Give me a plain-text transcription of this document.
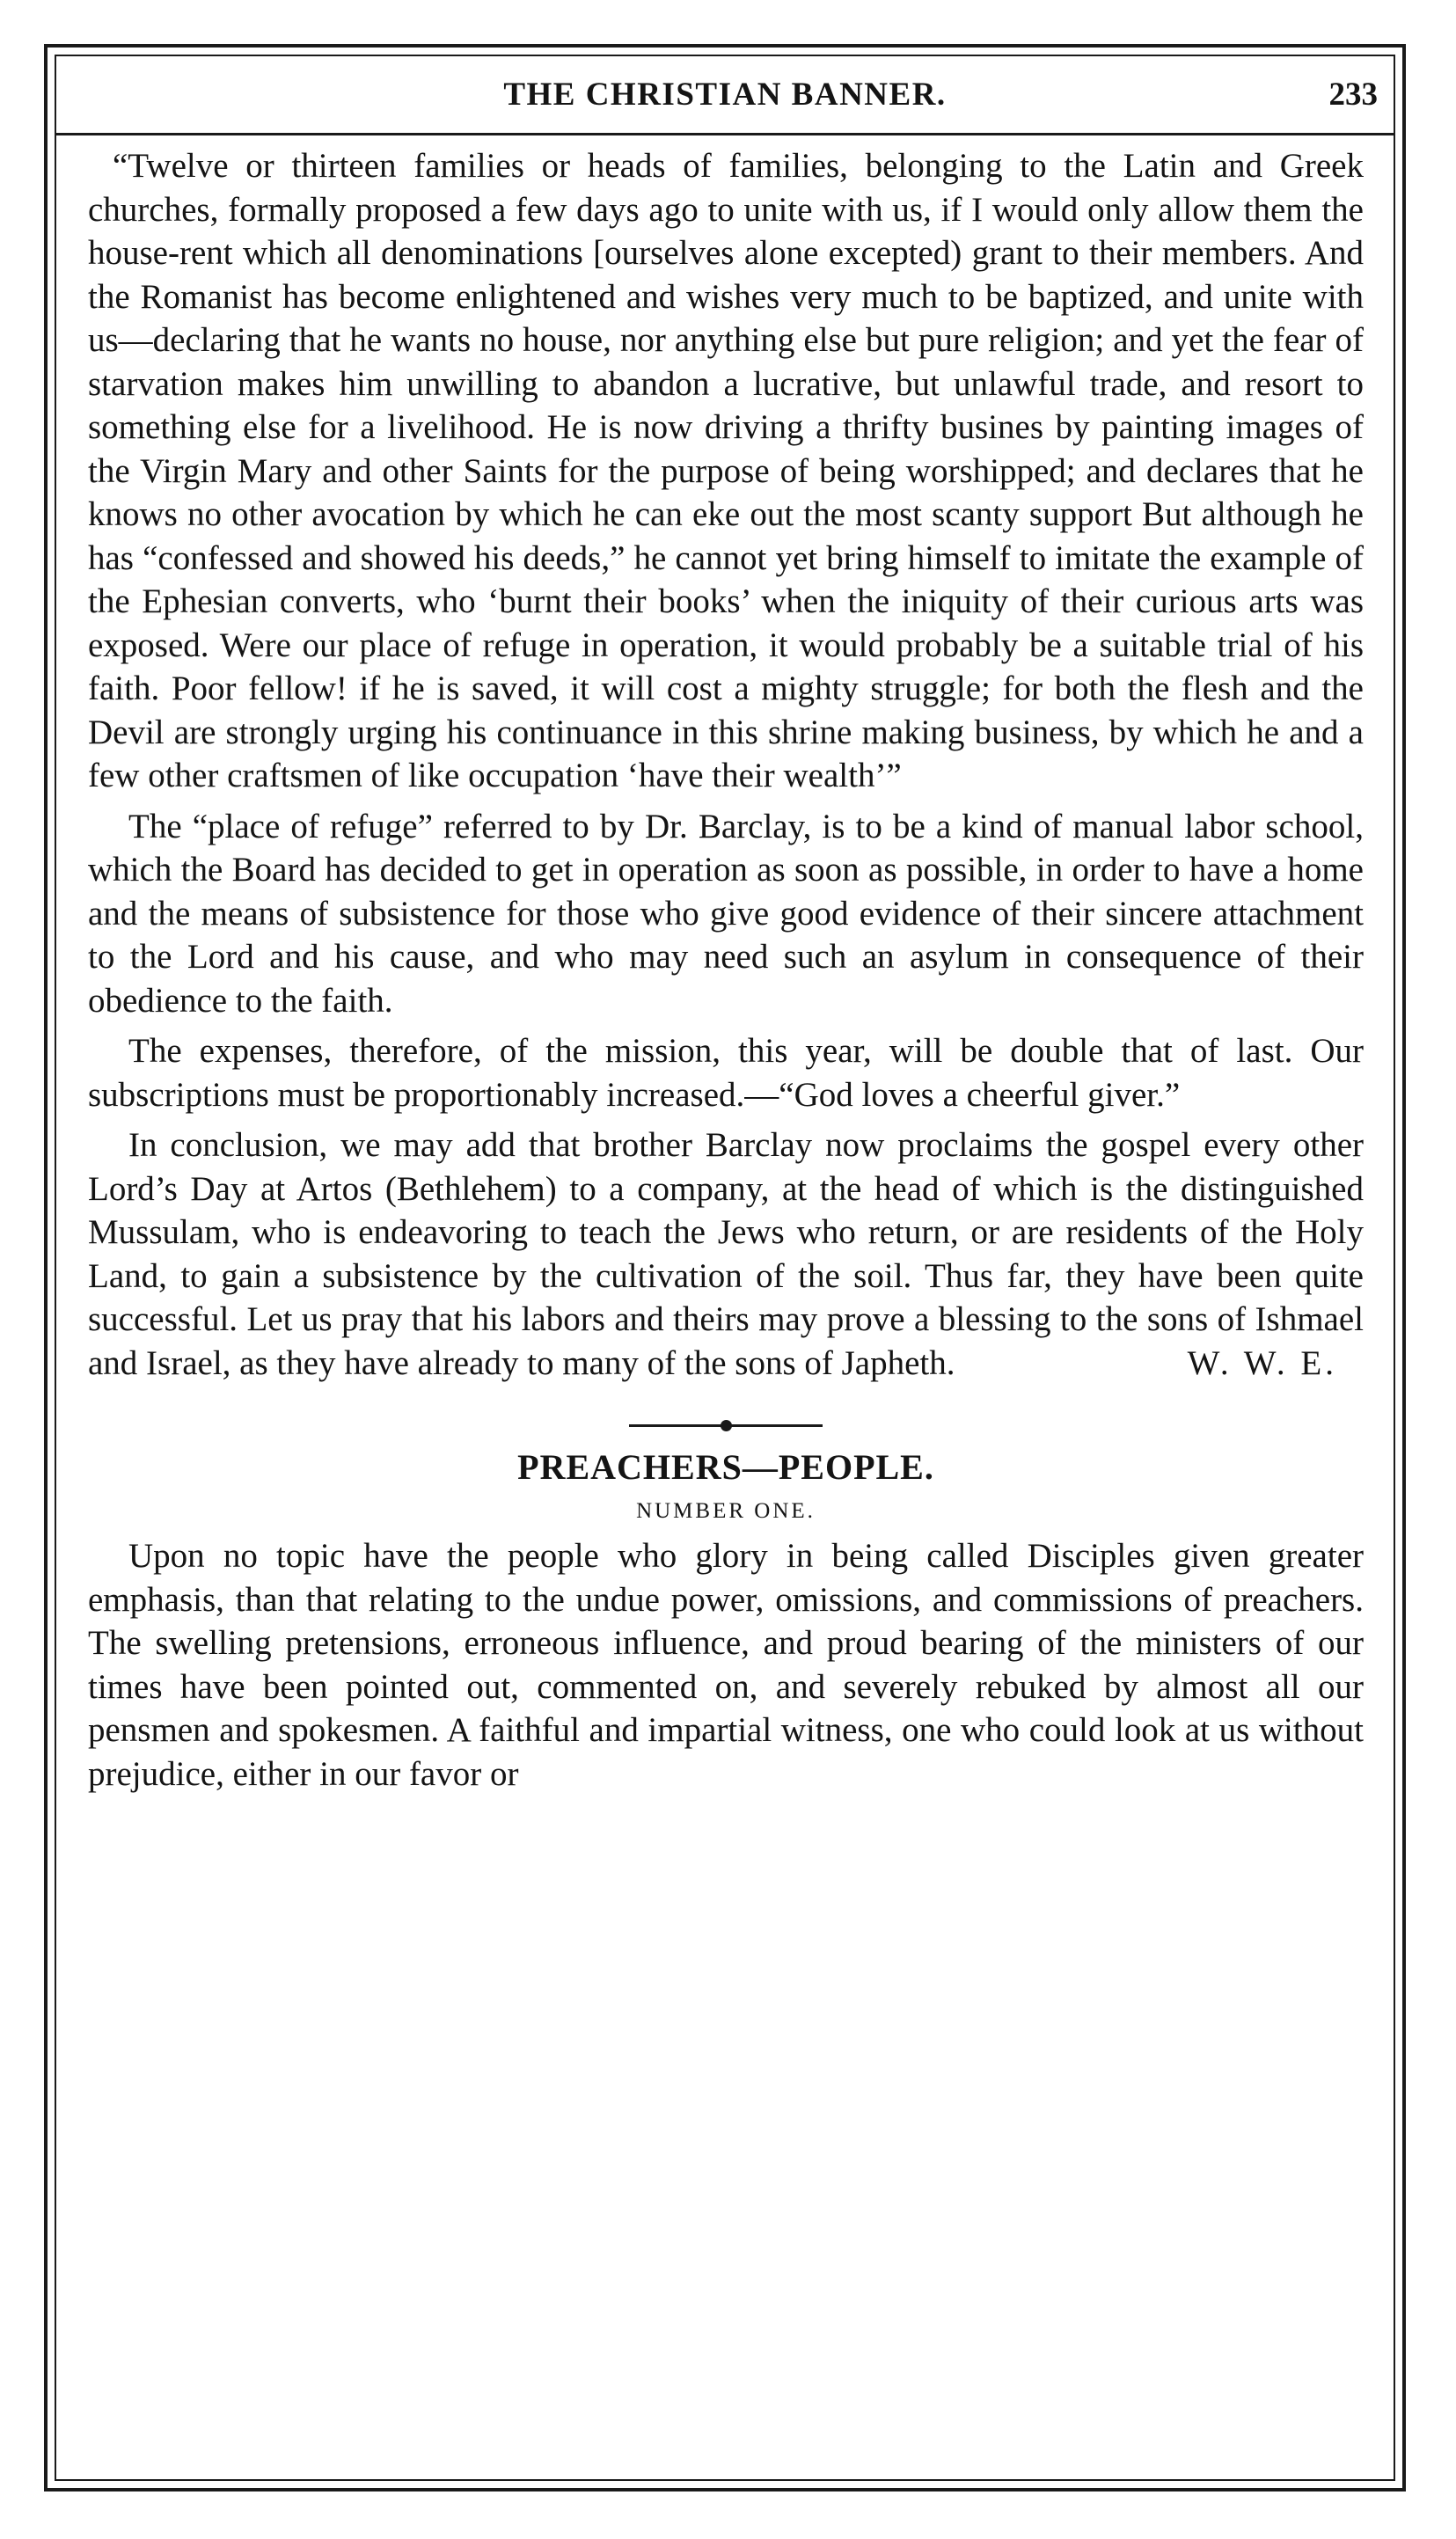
THE CHRISTIAN BANNER.	233

“Twelve or thirteen families or heads of families, belonging to the Latin and Greek churches, formally proposed a few days ago to unite with us, if I would only allow them the house-rent which all denominations [ourselves alone excepted) grant to their members. And the Romanist has become enlightened and wishes very much to be baptized, and unite with us—declaring that he wants no house, nor anything else but pure religion; and yet the fear of starvation makes him unwilling to abandon a lucrative, but unlawful trade, and resort to something else for a livelihood. He is now driving a thrifty busines by painting images of the Virgin Mary and other Saints for the purpose of being worshipped; and declares that he knows no other avocation by which he can eke out the most scanty support But although he has “confessed and showed his deeds,” he cannot yet bring himself to imitate the example of the Ephesian converts, who ‘burnt their books’ when the iniquity of their curious arts was exposed. Were our place of refuge in operation, it would probably be a suitable trial of his faith. Poor fellow! if he is saved, it will cost a mighty struggle; for both the flesh and the Devil are strongly urging his continuance in this shrine making business, by which he and a few other craftsmen of like occupation ‘have their wealth’”

The “place of refuge” referred to by Dr. Barclay, is to be a kind of manual labor school, which the Board has decided to get in operation as soon as possible, in order to have a home and the means of subsistence for those who give good evidence of their sincere attachment to the Lord and his cause, and who may need such an asylum in consequence of their obedience to the faith.

The expenses, therefore, of the mission, this year, will be double that of last. Our subscriptions must be proportionably increased.—“God loves a cheerful giver.”

In conclusion, we may add that brother Barclay now proclaims the gospel every other Lord’s Day at Artos (Bethlehem) to a company, at the head of which is the distinguished Mussulam, who is endeavoring to teach the Jews who return, or are residents of the Holy Land, to gain a subsistence by the cultivation of the soil. Thus far, they have been quite successful. Let us pray that his labors and theirs may prove a blessing to the sons of Ishmael and Israel, as they have already to many of the sons of Japheth.	W. W. E.

PREACHERS—PEOPLE.
NUMBER ONE.

Upon no topic have the people who glory in being called Disciples given greater emphasis, than that relating to the undue power, omissions, and commissions of preachers. The swelling pretensions, erroneous influence, and proud bearing of the ministers of our times have been pointed out, commented on, and severely rebuked by almost all our pensmen and spokesmen. A faithful and impartial witness, one who could look at us without prejudice, either in our favor or
